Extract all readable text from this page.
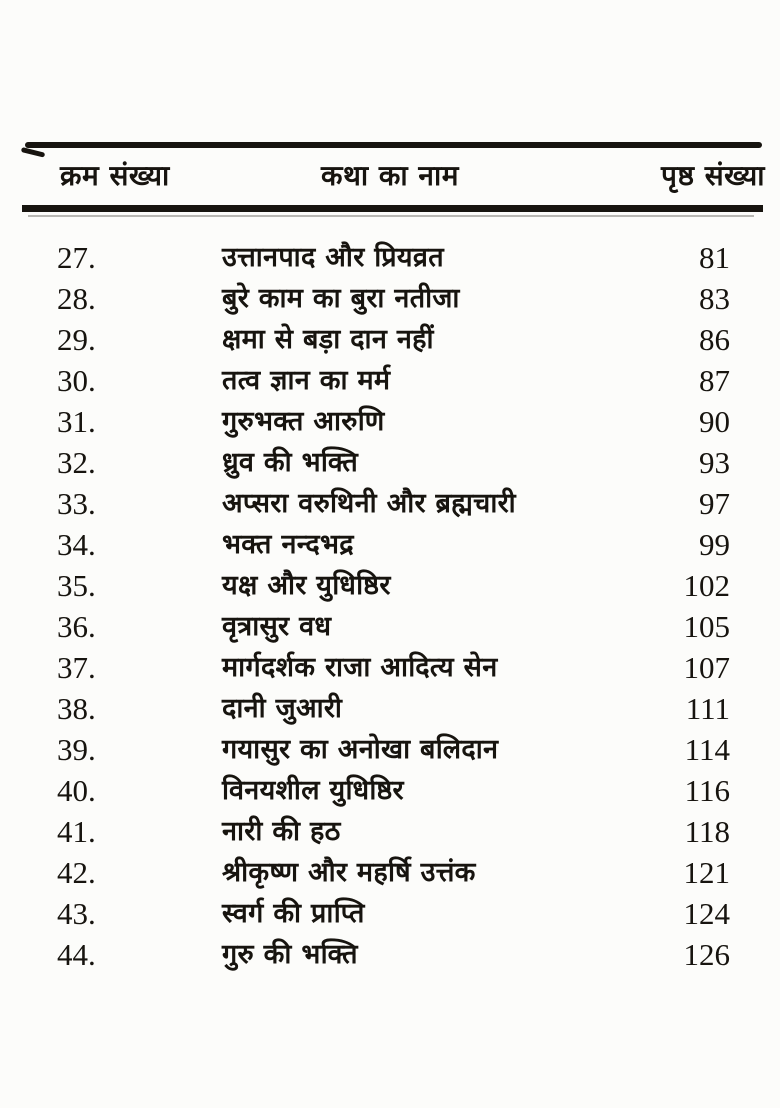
क्रम संख्या	कथा का नाम	पृष्ठ संख्या
27.	उत्तानपाद और प्रियव्रत	81
28.	बुरे काम का बुरा नतीजा	83
29.	क्षमा से बड़ा दान नहीं	86
30.	तत्व ज्ञान का मर्म	87
31.	गुरुभक्त आरुणि	90
32.	ध्रुव की भक्ति	93
33.	अप्सरा वरुथिनी और ब्रह्मचारी	97
34.	भक्त नन्दभद्र	99
35.	यक्ष और युधिष्ठिर	102
36.	वृत्रासुर वध	105
37.	मार्गदर्शक राजा आदित्य सेन	107
38.	दानी जुआरी	111
39.	गयासुर का अनोखा बलिदान	114
40.	विनयशील युधिष्ठिर	116
41.	नारी की हठ	118
42.	श्रीकृष्ण और महर्षि उत्तंक	121
43.	स्वर्ग की प्राप्ति	124
44.	गुरु की भक्ति	126
